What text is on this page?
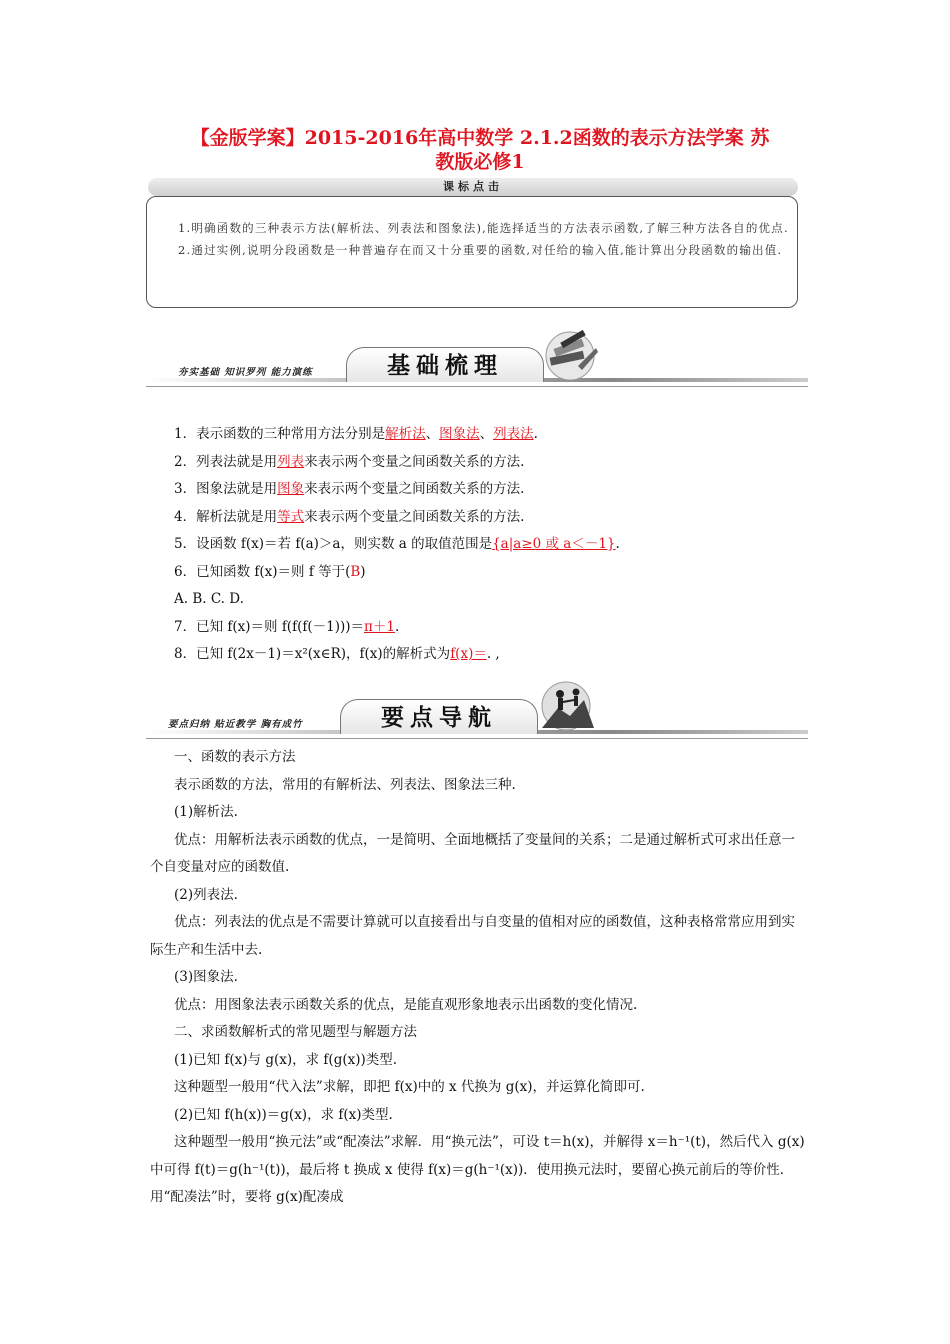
【金版学案】2015-2016年高中数学 2.1.2函数的表示方法学案 苏
教版必修1
课标点击

1.明确函数的三种表示方法(解析法、列表法和图象法),能选择适当的方法表示函数,了解三种方法各自的优点.

2.通过实例,说明分段函数是一种普遍存在而又十分重要的函数,对任给的输入值,能计算出分段函数的输出值.

夯实基础 知识罗列 能力演练	基础梳理
1．表示函数的三种常用方法分别是解析法、图象法、列表法.
2．列表法就是用列表来表示两个变量之间函数关系的方法.
3．图象法就是用图象来表示两个变量之间函数关系的方法.
4．解析法就是用等式来表示两个变量之间函数关系的方法.
5．设函数 f(x)＝若 f(a)＞a，则实数 a 的取值范围是{a|a≥0 或 a＜－1}.
6．已知函数 f(x)＝则 f 等于(B)
A. B. C. D.
7．已知 f(x)＝则 f(f(f(－1)))＝π＋1.
8．已知 f(2x－1)＝x²(x∈R)，f(x)的解析式为f(x)＝. ,
要点归纳 贴近教学 胸有成竹	要点导航
一、函数的表示方法
表示函数的方法，常用的有解析法、列表法、图象法三种.
(1)解析法.
优点：用解析法表示函数的优点，一是简明、全面地概括了变量间的关系；二是通过解析式可求出任意一个自变量对应的函数值.
(2)列表法.
优点：列表法的优点是不需要计算就可以直接看出与自变量的值相对应的函数值，这种表格常常应用到实际生产和生活中去.
(3)图象法.
优点：用图象法表示函数关系的优点，是能直观形象地表示出函数的变化情况.
二、求函数解析式的常见题型与解题方法
(1)已知 f(x)与 g(x)，求 f(g(x))类型.
这种题型一般用“代入法”求解，即把 f(x)中的 x 代换为 g(x)，并运算化简即可.
(2)已知 f(h(x))＝g(x)，求 f(x)类型.
这种题型一般用“换元法”或“配凑法”求解．用“换元法”，可设 t＝h(x)，并解得 x＝h⁻¹(t)，然后代入 g(x)中可得 f(t)＝g(h⁻¹(t))，最后将 t 换成 x 使得 f(x)＝g(h⁻¹(x))．使用换元法时，要留心换元前后的等价性．用“配凑法”时，要将 g(x)配凑成
